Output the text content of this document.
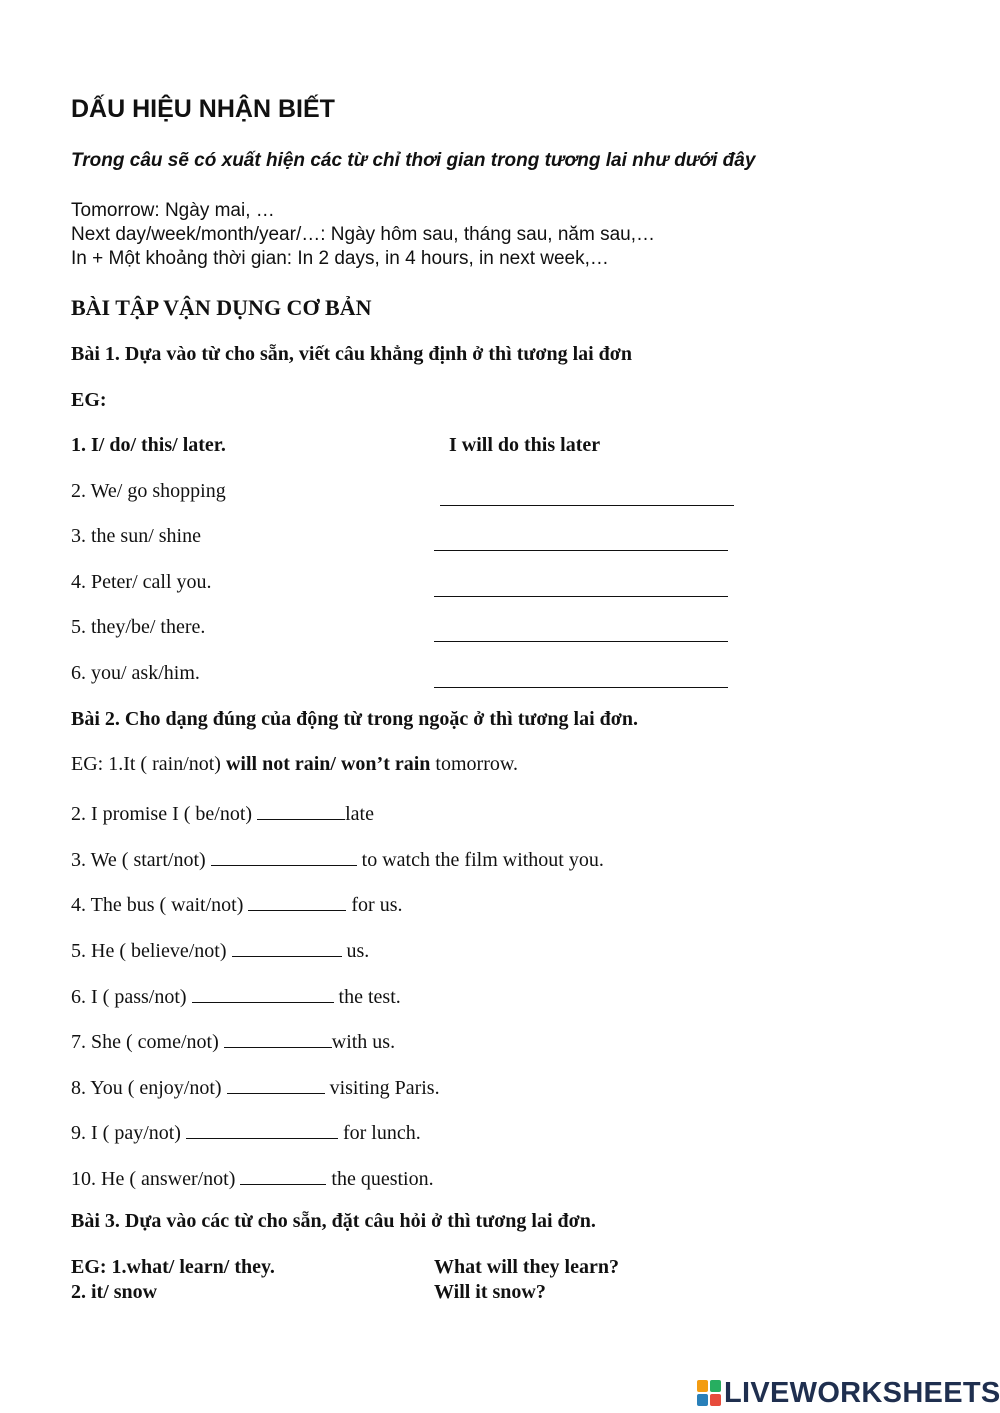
DẤU HIỆU NHẬN BIẾT
Trong câu sẽ có xuất hiện các từ chỉ thơi gian trong tương lai như dưới đây
Tomorrow: Ngày mai, …
Next day/week/month/year/…: Ngày hôm sau, tháng sau, năm sau,…
In + Một khoảng thời gian: In 2 days, in 4 hours, in next week,…
BÀI TẬP VẬN DỤNG CƠ BẢN
Bài 1. Dựa vào từ cho sẵn, viết câu khẳng định ở thì tương lai đơn
EG:
1. I/ do/ this/ later.	I will do this later
2. We/ go shopping
3. the sun/ shine
4. Peter/ call you.
5. they/be/ there.
6. you/ ask/him.
Bài 2. Cho dạng đúng của động từ trong ngoặc ở thì tương lai đơn.
EG: 1.It ( rain/not) will not rain/ won’t rain tomorrow.
2. I promise I ( be/not)	late
3. We ( start/not)	to watch the film without you.
4. The bus ( wait/not)	for us.
5. He ( believe/not)	us.
6. I ( pass/not)	the test.
7. She ( come/not)	with us.
8. You ( enjoy/not)	visiting Paris.
9. I ( pay/not)	for lunch.
10. He ( answer/not)	the question.
Bài 3. Dựa vào các từ cho sẵn, đặt câu hỏi ở thì tương lai đơn.
EG: 1.what/ learn/ they.	What will they learn?
2. it/ snow	Will it snow?
LIVEWORKSHEETS
